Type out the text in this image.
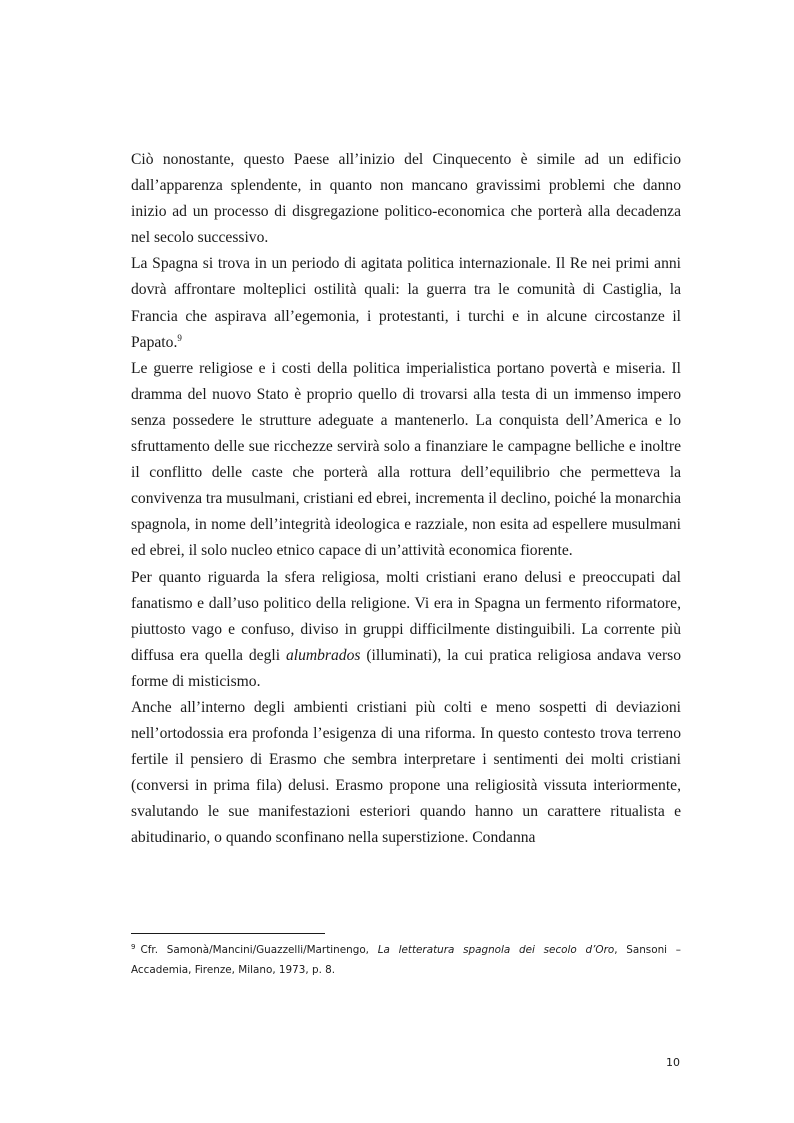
Ciò nonostante, questo Paese all’inizio del Cinquecento è simile ad un edificio dall’apparenza splendente, in quanto non mancano gravissimi problemi che danno inizio ad un processo di disgregazione politico-economica che porterà alla decadenza nel secolo successivo.

La Spagna si trova in un periodo di agitata politica internazionale. Il Re nei primi anni dovrà affrontare molteplici ostilità quali: la guerra tra le comunità di Castiglia, la Francia che aspirava all’egemonia, i protestanti, i turchi e in alcune circostanze il Papato.$^9$

Le guerre religiose e i costi della politica imperialistica portano povertà e miseria. Il dramma del nuovo Stato è proprio quello di trovarsi alla testa di un immenso impero senza possedere le strutture adeguate a mantenerlo. La conquista dell’America e lo sfruttamento delle sue ricchezze servirà solo a finanziare le campagne belliche e inoltre il conflitto delle caste che porterà alla rottura dell’equilibrio che permetteva la convivenza tra musulmani, cristiani ed ebrei, incrementa il declino, poiché la monarchia spagnola, in nome dell’integrità ideologica e razziale, non esita ad espellere musulmani ed ebrei, il solo nucleo etnico capace di un’attività economica fiorente.

Per quanto riguarda la sfera religiosa, molti cristiani erano delusi e preoccupati dal fanatismo e dall’uso politico della religione. Vi era in Spagna un fermento riformatore, piuttosto vago e confuso, diviso in gruppi difficilmente distinguibili. La corrente più diffusa era quella degli alumbrados (illuminati), la cui pratica religiosa andava verso forme di misticismo.

Anche all’interno degli ambienti cristiani più colti e meno sospetti di deviazioni nell’ortodossia era profonda l’esigenza di una riforma. In questo contesto trova terreno fertile il pensiero di Erasmo che sembra interpretare i sentimenti dei molti cristiani (conversi in prima fila) delusi. Erasmo propone una religiosità vissuta interiormente, svalutando le sue manifestazioni esteriori quando hanno un carattere ritualista e abitudinario, o quando sconfinano nella superstizione. Condanna

$^9$ Cfr. Samonà/Mancini/Guazzelli/Martinengo, La letteratura spagnola dei secolo d’Oro, Sansoni – Accademia, Firenze, Milano, 1973, p. 8.
10
